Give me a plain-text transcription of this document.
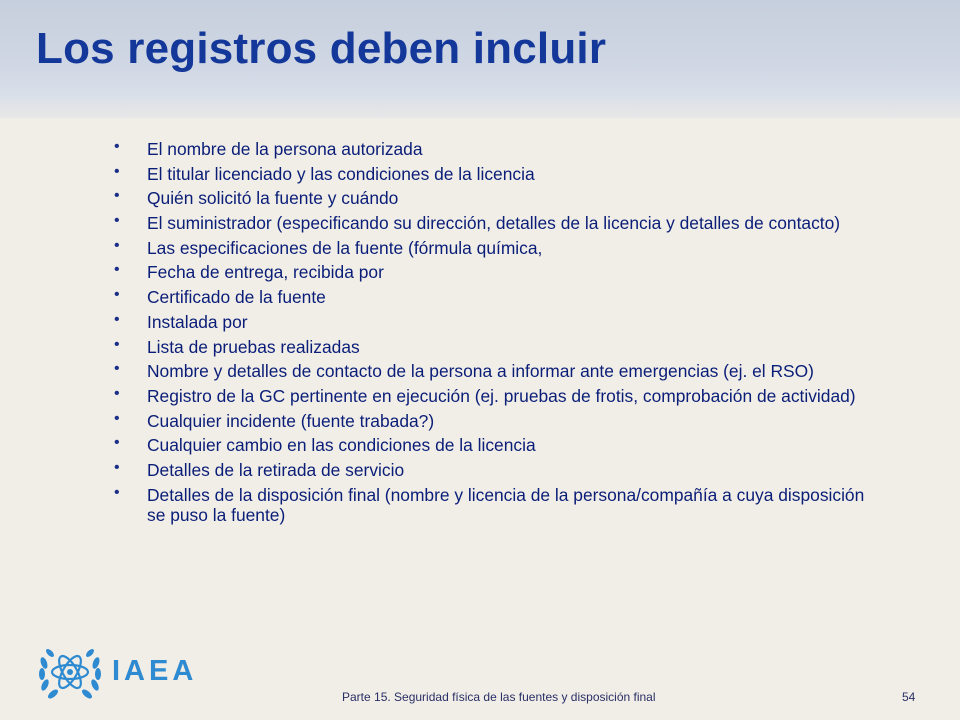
Los registros deben incluir
• El nombre de la persona autorizada
• El titular licenciado y las condiciones de la licencia
• Quién solicitó la fuente y cuándo
• El suministrador (especificando su dirección, detalles de la licencia y detalles de contacto)
• Las especificaciones de la fuente (fórmula química,
• Fecha de entrega, recibida por
• Certificado de la fuente
• Instalada por
• Lista de pruebas realizadas
• Nombre y detalles de contacto de la persona a informar ante emergencias (ej. el RSO)
• Registro de la GC pertinente en ejecución (ej. pruebas de frotis, comprobación de actividad)
• Cualquier incidente (fuente trabada?)
• Cualquier cambio en las condiciones de la licencia
• Detalles de la retirada de servicio
• Detalles de la disposición final (nombre y licencia de la persona/compañía a cuya disposición se puso la fuente)
IAEA
Parte 15. Seguridad física de las fuentes y disposición final	54
